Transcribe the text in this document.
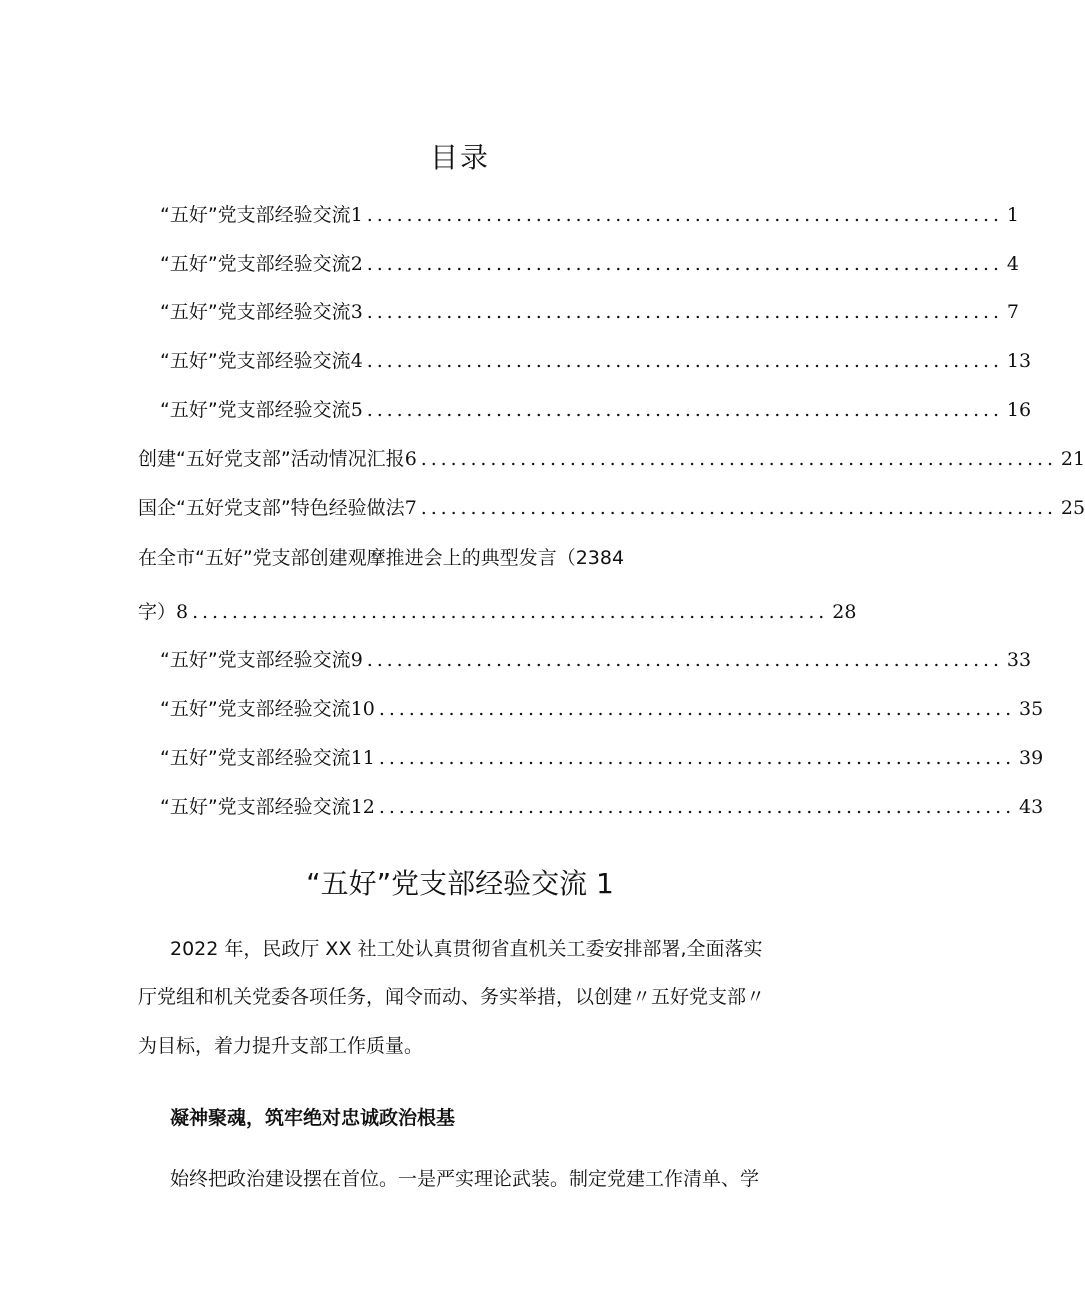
目录
“五好”党支部经验交流1 ................................................................ 1
“五好”党支部经验交流2 ................................................................ 4
“五好”党支部经验交流3 ................................................................ 7
“五好”党支部经验交流4 ................................................................ 13
“五好”党支部经验交流5 ................................................................ 16
创建“五好党支部”活动情况汇报6 ................................................................ 21
国企“五好党支部”特色经验做法7 ................................................................ 25
在全市“五好”党支部创建观摩推进会上的典型发言（2384
字）8 ................................................................ 28
“五好”党支部经验交流9 ................................................................ 33
“五好”党支部经验交流10 ................................................................ 35
“五好”党支部经验交流11 ................................................................ 39
“五好”党支部经验交流12 ................................................................ 43
“五好”党支部经验交流 1
2022 年，民政厅 XX 社工处认真贯彻省直机关工委安排部署,全面落实
厅党组和机关党委各项任务，闻令而动、务实举措，以创建〃五好党支部〃
为目标，着力提升支部工作质量。
凝神聚魂，筑牢绝对忠诚政治根基
始终把政治建设摆在首位。一是严实理论武装。制定党建工作清单、学
